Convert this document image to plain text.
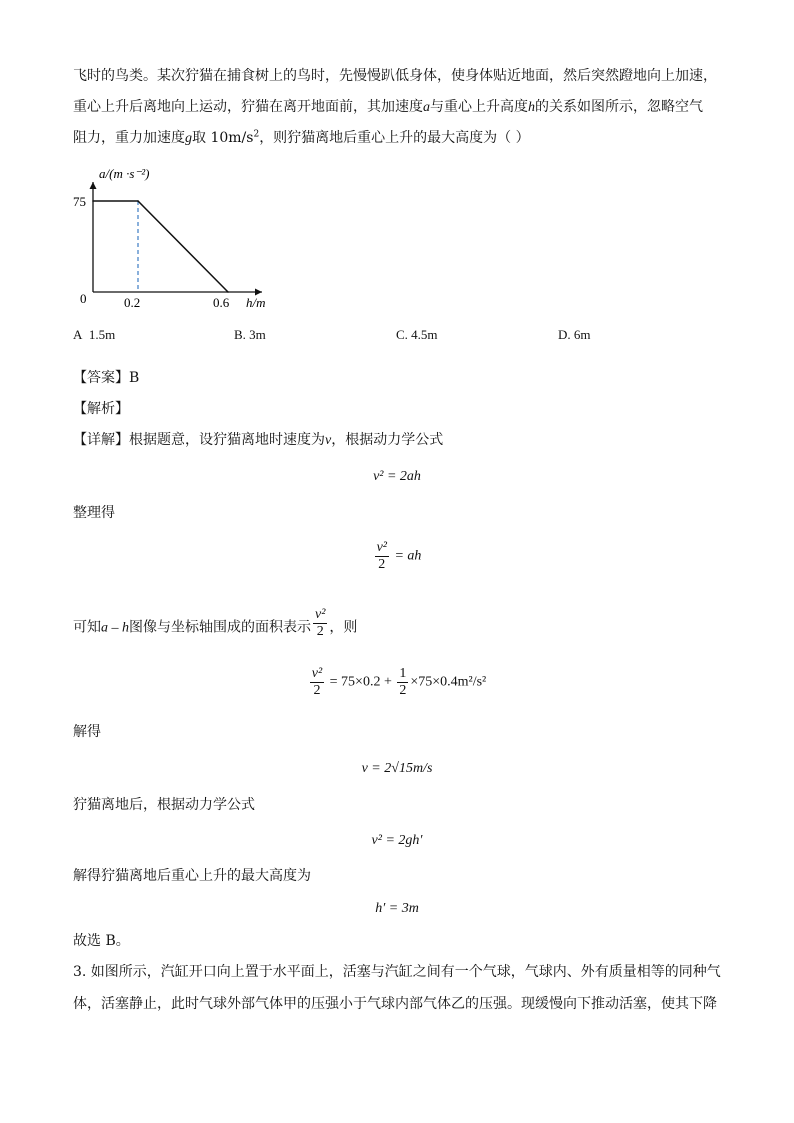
飞时的鸟类。某次狞猫在捕食树上的鸟时，先慢慢趴低身体，使身体贴近地面，然后突然蹬地向上加速，
重心上升后离地向上运动，狞猫在离开地面前，其加速度a与重心上升高度h的关系如图所示，忽略空气
阻力，重力加速度g取 $10m/s^2$，则狞猫离地后重心上升的最大高度为（ ）
a/(m ·s⁻²)
75
0	0.2	0.6 h/m
A 1.5m	B. 3m	C. 4.5m	D. 6m
【答案】B
【解析】
【详解】根据题意，设狞猫离地时速度为v，根据动力学公式
v² = 2ah
整理得
$\frac{\text{v²}}{2}$ = ah
可知a – h图像与坐标轴围成的面积表示 $\frac{\text{v²}}{2}$ ，则
$\frac{\text{v²}}{2} = 75\times 0.2 + \frac{1}{2} \times 75\times 0.4m^2/s^2$
解得
v = 2√15m/s
狞猫离地后，根据动力学公式
v² = 2gh′
解得狞猫离地后重心上升的最大高度为
h′ = 3m
故选 B。
3. 如图所示，汽缸开口向上置于水平面上，活塞与汽缸之间有一个气球，气球内、外有质量相等的同种气
体，活塞静止，此时气球外部气体甲的压强小于气球内部气体乙的压强。现缓慢向下推动活塞，使其下降
